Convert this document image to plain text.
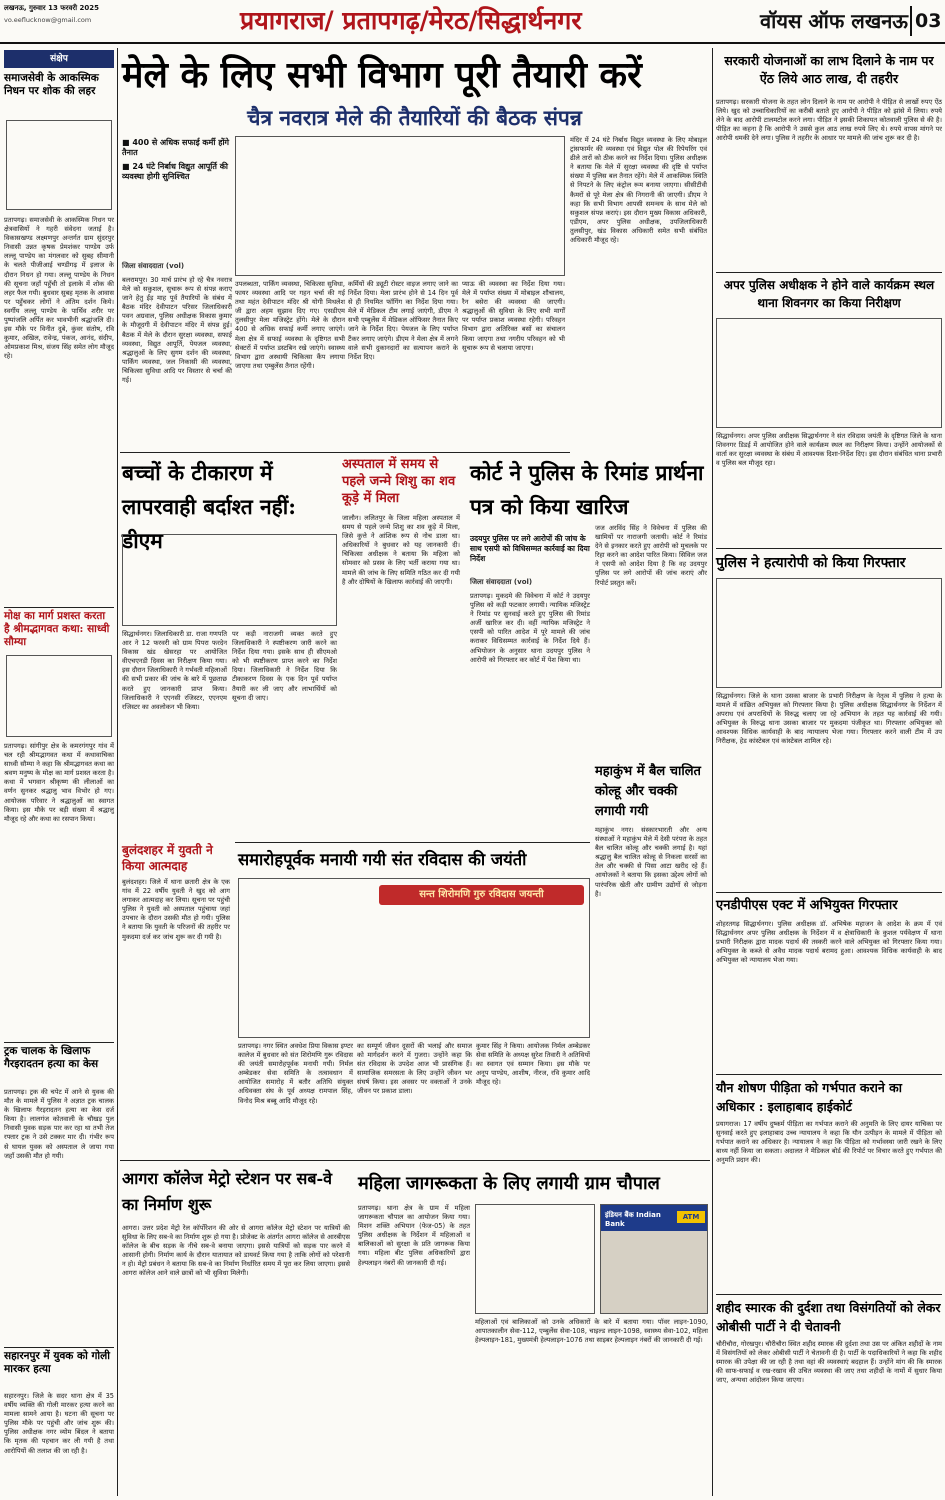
लखनऊ, गुरुवार 13 फरवरी 2025
vo.eeflucknow@gmail.com	प्रयागराज/ प्रतापगढ़/मेरठ/सिद्धार्थनगर	वॉयस ऑफ लखनऊ 03
संक्षेप
समाजसेवी के आकस्मिक निधन पर शोक की लहर
प्रतापगढ़। समाजसेवी के आकस्मिक निधन पर क्षेत्रवासियों ने गहरी संवेदना जताई है। विकासखण्ड लक्ष्मणपुर अन्तर्गत ग्राम सुंदरपुर निवासी उन्नत कृषक प्रेमशंकर पाण्डेय उर्फ लल्लू पाण्डेय का मंगलवार को सुबह सीमानी के चलते पीजीआई चण्डीगढ़ में इलाज के दौरान निधन हो गया। लल्लू पाण्डेय के निधन की सूचना जहाँ पहुँची तो इलाके में शोक की लहर फैल गयी। बुधवार सुबह मृतक के आवास पर पहुँचकर लोगों ने अंतिम दर्शन किये। स्वर्गीय लल्लू पाण्डेय के पार्थिव शरीर पर पुष्पांजलि अर्पित कर भावभीनी श्रद्धांजलि दी। इस मौके पर विनीत दुबे, कुंवर संतोष, रवि कुमार, अखिल, रावेन्द्र, पंकज, आनंद, संदीप, ओमप्रकाश मिश्र, संजय सिंह समेत लोग मौजूद रहे।
मोक्ष का मार्ग प्रशस्त करता है श्रीमद्भागवत कथा: साध्वी सौम्या
प्रतापगढ़। सांगीपुर क्षेत्र के कमरगंगपुर गांव में चल रही श्रीमद्भागवत कथा में कथावाचिका साध्वी सौम्या ने कहा कि श्रीमद्भागवत कथा का श्रवण मनुष्य के मोक्ष का मार्ग प्रशस्त करता है। कथा में भगवान श्रीकृष्ण की लीलाओं का वर्णन सुनकर श्रद्धालु भाव विभोर हो गए। आयोजक परिवार ने श्रद्धालुओं का स्वागत किया। इस मौके पर बड़ी संख्या में श्रद्धालु मौजूद रहे और कथा का रसपान किया।
ट्रक चालक के खिलाफ गैरइरादतन हत्या का केस
प्रतापगढ़। ट्रक की चपेट में आने से युवक की मौत के मामले में पुलिस ने अज्ञात ट्रक चालक के खिलाफ गैरइरादतन हत्या का केस दर्ज किया है। लालगंज कोतवाली के चौखड़ पुल निवासी युवक सड़क पार कर रहा था तभी तेज रफ्तार ट्रक ने उसे टक्कर मार दी। गंभीर रूप से घायल युवक को अस्पताल ले जाया गया जहाँ उसकी मौत हो गयी।
सहारनपुर में युवक को गोली मारकर हत्या
सहारनपुर। जिले के सदर थाना क्षेत्र में 35 वर्षीय व्यक्ति की गोली मारकर हत्या करने का मामला सामने आया है। घटना की सूचना पर पुलिस मौके पर पहुंची और जांच शुरू की। पुलिस अधीक्षक नगर व्योम बिंदल ने बताया कि मृतक की पहचान कर ली गयी है तथा आरोपियों की तलाश की जा रही है।
मेले के लिए सभी विभाग पूरी तैयारी करें
चैत्र नवरात्र मेले की तैयारियों की बैठक संपन्न
■ 400 से अधिक सफाई कर्मी होंगे तैनात
■ 24 घंटे निर्बाध विद्युत आपूर्ति की व्यवस्था होगी सुनिश्चित
जिला संवाददाता (vol)
बलरामपुर। 30 मार्च प्रारंभ हो रहे चैत्र नवरात्र मेले को सकुशल, सुचारू रूप से संपन्न कराए जाने हेतु ईंड़ माह पूर्व तैयारियों के संबंध में बैठक मंदिर देवीपाटन परिसर जिलाधिकारी पवन अग्रवाल, पुलिस अधीक्षक विकास कुमार के मौजूदगी में देवीपाटन मंदिर में संपन्न हुई। बैठक में मेले के दौरान सुरक्षा व्यवस्था, सफाई व्यवस्था, विद्युत आपूर्ति, पेयजल व्यवस्था, श्रद्धालुओं के लिए सुगम दर्शन की व्यवस्था, पार्किंग व्यवस्था, जल निकासी की व्यवस्था, चिकित्सा सुविधा आदि पर विस्तार से चर्चा की गई।
उपलब्धता, पार्किंग व्यवस्था, चिकित्सा सुविधा, फायर व्यवस्था आदि पर गहन चर्चा की गई तथा महंत देवीपाटन मंदिर श्री योगी मिथलेश जी द्वारा अहम सुझाव दिए गए। एसडीएम तुलसीपुर मेला मजिस्ट्रेट होंगे। मेले के दौरान 400 से अधिक सफाई कर्मी लगाए जाएंगे। मेला क्षेत्र में सफाई व्यवस्था के दृष्टिगत सभी सेक्टरों में पर्याप्त डस्टबिन रखे जाएंगे। स्वास्थ्य विभाग द्वारा अस्थायी चिकित्सा कैंप लगाया जाएगा तथा एम्बुलेंस तैनात रहेंगी।
कर्मियों की ड्यूटी रोस्टर वाइज लगाए जाने का निर्देश दिया। मेला प्रारंभ होने से 14 दिन पूर्व से ही नियमित फॉगिंग का निर्देश दिया गया। मेले में मेडिकल टीम लगाई जाएंगी, डीएम ने सभी एम्बुलेंस में मेडिकल ऑफिसर तैनात किए जाने के निर्देश दिए। पेयजल के लिए पर्याप्त टैंकर लगाए जाएंगे। डीएम ने मेला क्षेत्र में लगने वाले सभी दुकानदारों का सत्यापन कराने के निर्देश दिए।
प्याऊ की व्यवस्था का निर्देश दिया गया। मेले में पर्याप्त संख्या में मोबाइल शौचालय, रैन बसेरा की व्यवस्था की जाएगी। श्रद्धालुओं की सुविधा के लिए सभी मार्गों पर पर्याप्त प्रकाश व्यवस्था रहेगी। परिवहन विभाग द्वारा अतिरिक्त बसों का संचालन किया जाएगा तथा नगरीय परिवहन को भी सुचारू रूप से चलाया जाएगा।
मंदिर में 24 घंटे निर्बाध विद्युत व्यवस्था के लिए मोबाइल ट्रांसफार्मर की व्यवस्था एवं विद्युत पोल की रिपेयरिंग एवं ढीले तारों को ठीक करने का निर्देश दिया। पुलिस अधीक्षक ने बताया कि मेले में सुरक्षा व्यवस्था की दृष्टि से पर्याप्त संख्या में पुलिस बल तैनात रहेंगे। मेले में आकस्मिक स्थिति से निपटने के लिए कंट्रोल रूम बनाया जाएगा। सीसीटीवी कैमरों से पूरे मेला क्षेत्र की निगरानी की जाएगी। डीएम ने कहा कि सभी विभाग आपसी समन्वय के साथ मेले को सकुशल संपन्न कराएं। इस दौरान मुख्य विकास अधिकारी, एडीएम, अपर पुलिस अधीक्षक, उपजिलाधिकारी तुलसीपुर, खंड विकास अधिकारी समेत सभी संबंधित अधिकारी मौजूद रहे।
बच्चों के टीकारण में लापरवाही बर्दाश्त नहीं: डीएम
सिद्धार्थनगर। जिलाधिकारी डा. राजा गणपति आर ने 12 फरवरी को ग्राम पिपरा फरदेन विकास खंड खेसरहा पर आयोजित वीएचएनडी दिवस का निरीक्षण किया गया। इस दौरान जिलाधिकारी ने गर्भवती महिलाओं की सभी प्रकार की जांच के बारे में पूछताछ करते हुए जानकारी प्राप्त किया। जिलाधिकारी ने एएनसी रजिस्टर, एएनएम रजिस्टर का अवलोकन भी किया।
पर कड़ी नाराजगी व्यक्त करते हुए जिलाधिकारी ने स्पष्टीकरण जारी करने का निर्देश दिया गया। इसके साथ ही सीएमओ को भी स्पष्टीकरण प्राप्त करने का निर्देश दिया। जिलाधिकारी ने निर्देश दिया कि टीकाकरण दिवस के एक दिन पूर्व पर्याप्त तैयारी कर ली जाए और लाभार्थियों को सूचना दी जाए।
बुलंदशहर में युवती ने किया आत्मदाह
बुलंदशहर। जिले में थाना छतारी क्षेत्र के एक गांव में 22 वर्षीय युवती ने खुद को आग लगाकर आत्मदाह कर लिया। सूचना पर पहुंची पुलिस ने युवती को अस्पताल पहुंचाया जहां उपचार के दौरान उसकी मौत हो गयी। पुलिस ने बताया कि युवती के परिजनों की तहरीर पर मुकदमा दर्ज कर जांच शुरू कर दी गयी है।
अस्पताल में समय से पहले जन्मे शिशु का शव कूड़े में मिला
जालौन। ललितपुर के जिला महिला अस्पताल में समय से पहले जन्मे शिशु का शव कूड़े में मिला, जिसे कुत्ते ने आंशिक रूप से नोच डाला था। अधिकारियों ने बुधवार को यह जानकारी दी। चिकित्सा अधीक्षक ने बताया कि महिला को सोमवार को प्रसव के लिए भर्ती कराया गया था। मामले की जांच के लिए समिति गठित कर दी गयी है और दोषियों के खिलाफ कार्रवाई की जाएगी।
कोर्ट ने पुलिस के रिमांड प्रार्थना पत्र को किया खारिज
उदयपुर पुलिस पर लगे आरोपों की जांच के साथ एसपी को विधिसम्मत कार्रवाई का दिया निर्देश
जिला संवाददाता (vol)
प्रतापगढ़। मुकदमे की विवेचना में कोर्ट ने उदयपुर पुलिस को कड़ी फटकार लगायी। न्यायिक मजिस्ट्रेट ने रिमांड पर सुनवाई करते हुए पुलिस की रिमांड अर्जी खारिज कर दी। वहीं न्यायिक मजिस्ट्रेट ने एसपी को पारित आदेश में पूरे मामले की जांच कराकर विधिसम्मत कार्रवाई के निर्देश दिये हैं। अभियोजन के अनुसार थाना उदयपुर पुलिस ने आरोपी को गिरफ्तार कर कोर्ट में पेश किया था।
जज अरविंद सिंह ने विवेचना में पुलिस की खामियों पर नाराजगी जतायी। कोर्ट ने रिमांड देने से इनकार करते हुए आरोपी को मुचलके पर रिहा करने का आदेश पारित किया। सिविल जज ने एसपी को आदेश दिया है कि वह उदयपुर पुलिस पर लगे आरोपों की जांच कराएं और रिपोर्ट प्रस्तुत करें।
महाकुंभ में बैल चालित कोल्हू और चक्की लगायी गयी
महाकुंभ नगर। संस्कारभारती और अन्य संस्थाओं ने महाकुंभ मेले में देसी परंपरा के तहत बैल चालित कोल्हू और चक्की लगाई है। यहां श्रद्धालु बैल चालित कोल्हू से निकला सरसों का तेल और चक्की से पिसा आटा खरीद रहे हैं। आयोजकों ने बताया कि इसका उद्देश्य लोगों को पारंपरिक खेती और ग्रामीण उद्योगों से जोड़ना है।
समारोहपूर्वक मनायी गयी संत रविदास की जयंती
सन्त शिरोमणि गुरु रविदास जयन्ती
प्रतापगढ़। नगर स्थित अवधेश प्रिया विकास इण्टर कालेज में बुधवार को संत शिरोमणि गुरू रविदास की जयंती समारोहपूर्वक मनायी गयी। निर्मल अम्बेडकर सेवा समिति के तत्वावधान में आयोजित समारोह में बतौर अतिथि संयुक्त अधिवक्ता संघ के पूर्व अध्यक्ष रामपाल सिंह, विनोद मिश्र बब्बू आदि मौजूद रहे।
का सम्पूर्ण जीवन दूसरों की भलाई और समाज को मार्गदर्शन करने में गुजरा। उन्होंने कहा कि संत रविदास के उपदेश आज भी प्रासंगिक हैं। सामाजिक समरसता के लिए उन्होंने जीवन भर संघर्ष किया। इस अवसर पर वक्ताओं ने उनके जीवन पर प्रकाश डाला।
कुमार सिंह ने किया। आयोजक निर्मल अम्बेडकर सेवा समिति के अध्यक्ष सुरेश तिवारी ने अतिथियों का स्वागत एवं सम्मान किया। इस मौके पर अनूप पाण्डेय, आशीष, नीरज, रवि कुमार आदि मौजूद रहे।
आगरा कॉलेज मेट्रो स्टेशन पर सब-वे का निर्माण शुरू
आगरा। उत्तर प्रदेश मेट्रो रेल कॉर्पोरेशन की ओर से आगरा कॉलेज मेट्रो स्टेशन पर यात्रियों की सुविधा के लिए सब-वे का निर्माण शुरू हो गया है। प्रोजेक्ट के अंतर्गत आगरा कॉलेज से आरबीएस कॉलेज के बीच सड़क के नीचे सब-वे बनाया जाएगा। इससे यात्रियों को सड़क पार करने में आसानी होगी। निर्माण कार्य के दौरान यातायात को डायवर्ट किया गया है ताकि लोगों को परेशानी न हो। मेट्रो प्रबंधन ने बताया कि सब-वे का निर्माण निर्धारित समय में पूरा कर लिया जाएगा। इससे आगरा कॉलेज आने वाले छात्रों को भी सुविधा मिलेगी।
महिला जागरूकता के लिए लगायी ग्राम चौपाल
प्रतापगढ़। थाना क्षेत्र के ग्राम में महिला जागरूकता चौपाल का आयोजन किया गया। मिशन शक्ति अभियान (फेज-05) के तहत पुलिस अधीक्षक के निर्देशन में महिलाओं व बालिकाओं को सुरक्षा के प्रति जागरूक किया गया। महिला बीट पुलिस अधिकारियों द्वारा हेल्पलाइन नंबरों की जानकारी दी गई।
इंडियन बैंक Indian Bank
ATM
महिलाओं एवं बालिकाओं को उनके अधिकारों के बारे में बताया गया। पॉवर लाइन-1090, आपातकालीन सेवा-112, एम्बुलेंस सेवा-108, चाइल्ड लाइन-1098, स्वास्थ्य सेवा-102, महिला हेल्पलाइन-181, मुख्यमंत्री हेल्पलाइन-1076 तथा साइबर हेल्पलाइन नंबरों की जानकारी दी गई।
सरकारी योजनाओं का लाभ दिलाने के नाम पर ऐंठ लिये आठ लाख, दी तहरीर
प्रतापगढ़। सरकारी योजना के तहत लोन दिलाने के नाम पर आरोपी ने पीड़ित से लाखों रुपए ऐंठ लिये। खुद को उच्चाधिकारियों का करीबी बताते हुए आरोपी ने पीड़ित को झांसे में लिया। रुपये लेने के बाद आरोपी टालमटोल करने लगा। पीड़ित ने इसकी शिकायत कोतवाली पुलिस से की है। पीड़ित का कहना है कि आरोपी ने उससे कुल आठ लाख रुपये लिए थे। रुपये वापस मांगने पर आरोपी धमकी देने लगा। पुलिस ने तहरीर के आधार पर मामले की जांच शुरू कर दी है।
अपर पुलिस अधीक्षक ने होने वाले कार्यक्रम स्थल थाना शिवनगर का किया निरीक्षण
सिद्धार्थनगर। अपर पुलिस अधीक्षक सिद्धार्थनगर ने संत रविदास जयंती के दृष्टिगत जिले के थाना शिवनगर डिडई में आयोजित होने वाले कार्यक्रम स्थल का निरीक्षण किया। उन्होंने आयोजकों से वार्ता कर सुरक्षा व्यवस्था के संबंध में आवश्यक दिशा-निर्देश दिए। इस दौरान संबंधित थाना प्रभारी व पुलिस बल मौजूद रहा।
पुलिस ने हत्यारोपी को किया गिरफ्तार
सिद्धार्थनगर। जिले के थाना उसका बाजार के प्रभारी निरीक्षण के नेतृत्व में पुलिस ने हत्या के मामले में वांछित अभियुक्त को गिरफ्तार किया है। पुलिस अधीक्षक सिद्धार्थनगर के निर्देशन में अपराध एवं अपराधियों के विरुद्ध चलाए जा रहे अभियान के तहत यह कार्रवाई की गयी। अभियुक्त के विरुद्ध थाना उसका बाजार पर मुकदमा पंजीकृत था। गिरफ्तार अभियुक्त को आवश्यक विधिक कार्यवाही के बाद न्यायालय भेजा गया। गिरफ्तार करने वाली टीम में उप निरीक्षक, हेड कांस्टेबल एवं कांस्टेबल शामिल रहे।
एनडीपीएस एक्ट में अभियुक्त गिरफ्तार
शोहरतगढ़ सिद्धार्थनगर। पुलिस अधीक्षक डॉ. अभिषेक महाजन के आदेश के क्रम में एवं सिद्धार्थनगर अपर पुलिस अधीक्षक के निर्देशन में व क्षेत्राधिकारी के कुशल पर्यवेक्षण में थाना प्रभारी निरीक्षक द्वारा मादक पदार्थ की तस्करी करने वाले अभियुक्त को गिरफ्तार किया गया। अभियुक्त के कब्जे से अवैध मादक पदार्थ बरामद हुआ। आवश्यक विधिक कार्यवाही के बाद अभियुक्त को न्यायालय भेजा गया।
यौन शोषण पीड़िता को गर्भपात कराने का अधिकार : इलाहाबाद हाईकोर्ट
प्रयागराज। 17 वर्षीय दुष्कर्म पीड़िता का गर्भपात कराने की अनुमति के लिए दायर याचिका पर सुनवाई करते हुए इलाहाबाद उच्च न्यायालय ने कहा कि यौन उत्पीड़न के मामले में पीड़िता को गर्भपात कराने का अधिकार है। न्यायालय ने कहा कि पीड़िता को गर्भावस्था जारी रखने के लिए बाध्य नहीं किया जा सकता। अदालत ने मेडिकल बोर्ड की रिपोर्ट पर विचार करते हुए गर्भपात की अनुमति प्रदान की।
शहीद स्मारक की दुर्दशा तथा विसंगतियों को लेकर ओबीसी पार्टी ने दी चेतावनी
चौरीचौरा, गोरखपुर। चौरीचौरा स्थित शहीद स्मारक की दुर्दशा तथा उस पर अंकित शहीदों के नाम में विसंगतियों को लेकर ओबीसी पार्टी ने चेतावनी दी है। पार्टी के पदाधिकारियों ने कहा कि शहीद स्मारक की उपेक्षा की जा रही है तथा वहां की व्यवस्थाएं बदहाल हैं। उन्होंने मांग की कि स्मारक की साफ-सफाई व रख-रखाव की उचित व्यवस्था की जाए तथा शहीदों के नामों में सुधार किया जाए, अन्यथा आंदोलन किया जाएगा।
